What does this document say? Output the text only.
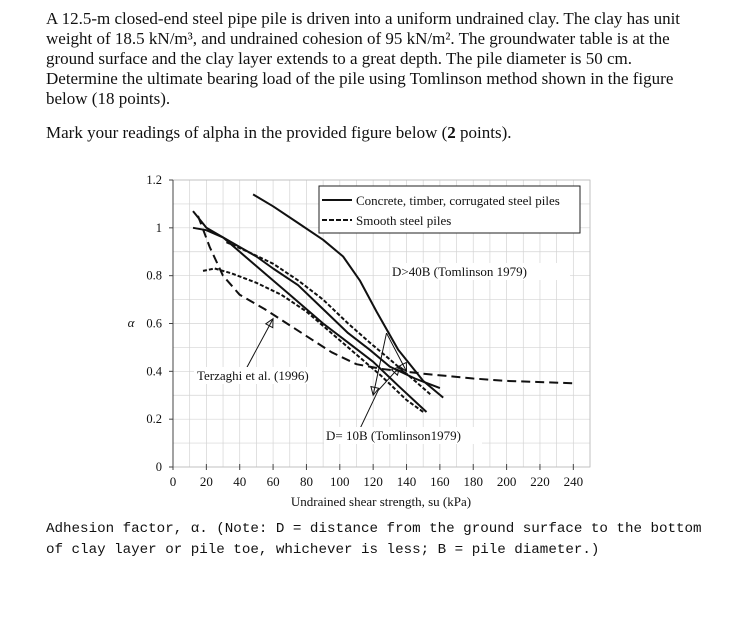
A 12.5-m closed-end steel pipe pile is driven into a uniform undrained clay. The clay has unit weight of 18.5 kN/m³, and undrained cohesion of 95 kN/m². The groundwater table is at the ground surface and the clay layer extends to a great depth. The pile diameter is 50 cm. Determine the ultimate bearing load of the pile using Tomlinson method shown in the figure below (18 points).

Mark your readings of alpha in the provided figure below (2 points).

0 20 40 60 80 100 120 140 160 180 200 220 240
0
0.2
0.4
0.6
0.8
1
1.2
Concrete, timber, corrugated steel piles
Smooth steel piles
D>40B (Tomlinson 1979)
Terzaghi et al. (1996)
D= 10B (Tomlinson1979)
Undrained shear strength, su (kPa)
α
Adhesion factor, α. (Note: D = distance from the ground surface to the bottom of clay layer or pile toe, whichever is less; B = pile diameter.)
